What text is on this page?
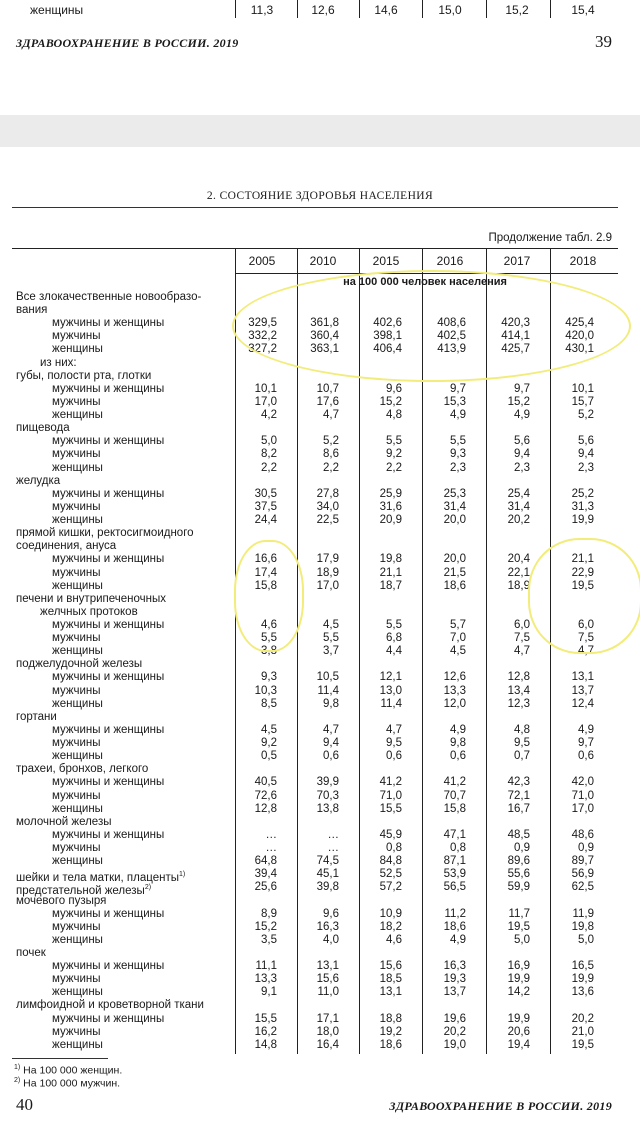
женщины	11,3	12,6	14,6	15,0	15,2	15,4
ЗДРАВООХРАНЕНИЕ В РОССИИ. 2019	39
2. СОСТОЯНИЕ ЗДОРОВЬЯ НАСЕЛЕНИЯ
Продолжение табл. 2.9
2005	2010	2015	2016	2017	2018
на 100 000 человек населения
Все злокачественные новообразо-
вания
мужчины и женщины	329,5	361,8	402,6	408,6	420,3	425,4
мужчины	332,2	360,4	398,1	402,5	414,1	420,0
женщины	327,2	363,1	406,4	413,9	425,7	430,1
из них:
губы, полости рта, глотки
мужчины и женщины	10,1	10,7	9,6	9,7	9,7	10,1
мужчины	17,0	17,6	15,2	15,3	15,2	15,7
женщины	4,2	4,7	4,8	4,9	4,9	5,2
пищевода
мужчины и женщины	5,0	5,2	5,5	5,5	5,6	5,6
мужчины	8,2	8,6	9,2	9,3	9,4	9,4
женщины	2,2	2,2	2,2	2,3	2,3	2,3
желудка
мужчины и женщины	30,5	27,8	25,9	25,3	25,4	25,2
мужчины	37,5	34,0	31,6	31,4	31,4	31,3
женщины	24,4	22,5	20,9	20,0	20,2	19,9
прямой кишки, ректосигмоидного
соединения, ануса
мужчины и женщины	16,6	17,9	19,8	20,0	20,4	21,1
мужчины	17,4	18,9	21,1	21,5	22,1	22,9
женщины	15,8	17,0	18,7	18,6	18,9	19,5
печени и внутрипеченочных
желчных протоков
мужчины и женщины	4,6	4,5	5,5	5,7	6,0	6,0
мужчины	5,5	5,5	6,8	7,0	7,5	7,5
женщины	3,8	3,7	4,4	4,5	4,7	4,7
поджелудочной железы
мужчины и женщины	9,3	10,5	12,1	12,6	12,8	13,1
мужчины	10,3	11,4	13,0	13,3	13,4	13,7
женщины	8,5	9,8	11,4	12,0	12,3	12,4
гортани
мужчины и женщины	4,5	4,7	4,7	4,9	4,8	4,9
мужчины	9,2	9,4	9,5	9,8	9,5	9,7
женщины	0,5	0,6	0,6	0,6	0,7	0,6
трахеи, бронхов, легкого
мужчины и женщины	40,5	39,9	41,2	41,2	42,3	42,0
мужчины	72,6	70,3	71,0	70,7	72,1	71,0
женщины	12,8	13,8	15,5	15,8	16,7	17,0
молочной железы
мужчины и женщины	…	…	45,9	47,1	48,5	48,6
мужчины	…	…	0,8	0,8	0,9	0,9
женщины	64,8	74,5	84,8	87,1	89,6	89,7
шейки и тела матки, плаценты$^{1)}$	39,4	45,1	52,5	53,9	55,6	56,9
предстательной железы$^{2)}$	25,6	39,8	57,2	56,5	59,9	62,5
мочевого пузыря
мужчины и женщины	8,9	9,6	10,9	11,2	11,7	11,9
мужчины	15,2	16,3	18,2	18,6	19,5	19,8
женщины	3,5	4,0	4,6	4,9	5,0	5,0
почек
мужчины и женщины	11,1	13,1	15,6	16,3	16,9	16,5
мужчины	13,3	15,6	18,5	19,3	19,9	19,9
женщины	9,1	11,0	13,1	13,7	14,2	13,6
лимфоидной и кроветворной ткани
мужчины и женщины	15,5	17,1	18,8	19,6	19,9	20,2
мужчины	16,2	18,0	19,2	20,2	20,6	21,0
женщины	14,8	16,4	18,6	19,0	19,4	19,5
$^{1)}$ На 100 000 женщин.
$^{2)}$ На 100 000 мужчин.
40	ЗДРАВООХРАНЕНИЕ В РОССИИ. 2019
